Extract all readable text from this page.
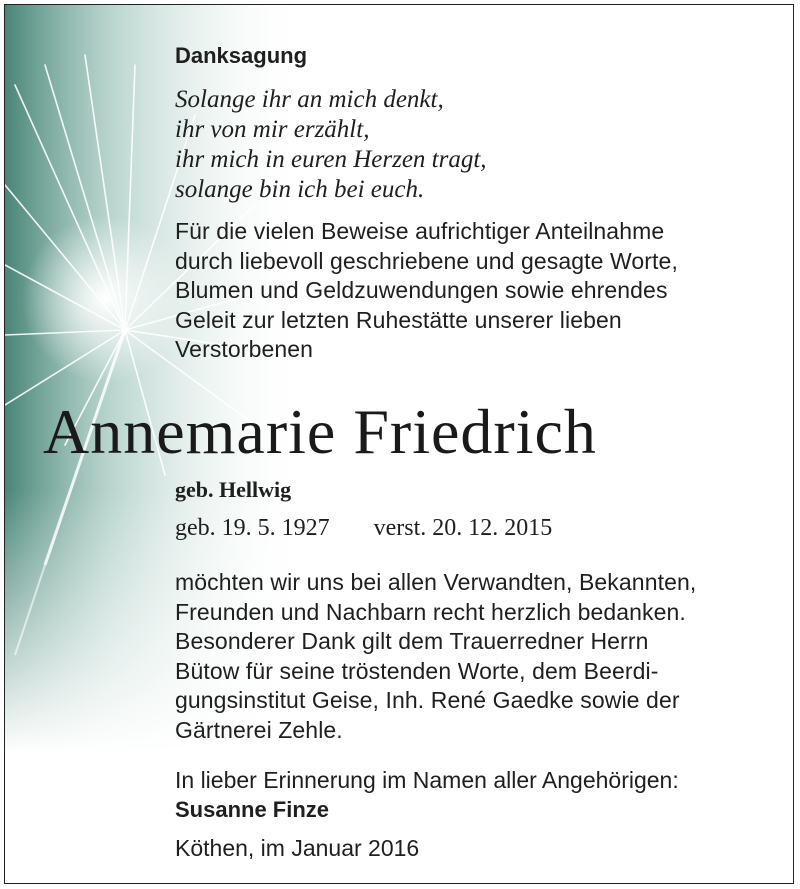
Danksagung
Solange ihr an mich denkt,
ihr von mir erzählt,
ihr mich in euren Herzen tragt,
solange bin ich bei euch.
Für die vielen Beweise aufrichtiger Anteilnahme
durch liebevoll geschriebene und gesagte Worte,
Blumen und Geldzuwendungen sowie ehrendes
Geleit zur letzten Ruhestätte unserer lieben
Verstorbenen
Annemarie Friedrich
geb. Hellwig
geb. 19. 5. 1927 verst. 20. 12. 2015
möchten wir uns bei allen Verwandten, Bekannten,
Freunden und Nachbarn recht herzlich bedanken.
Besonderer Dank gilt dem Trauerredner Herrn
Bütow für seine tröstenden Worte, dem Beerdi-
gungsinstitut Geise, Inh. René Gaedke sowie der
Gärtnerei Zehle.
In lieber Erinnerung im Namen aller Angehörigen:
Susanne Finze
Köthen, im Januar 2016
